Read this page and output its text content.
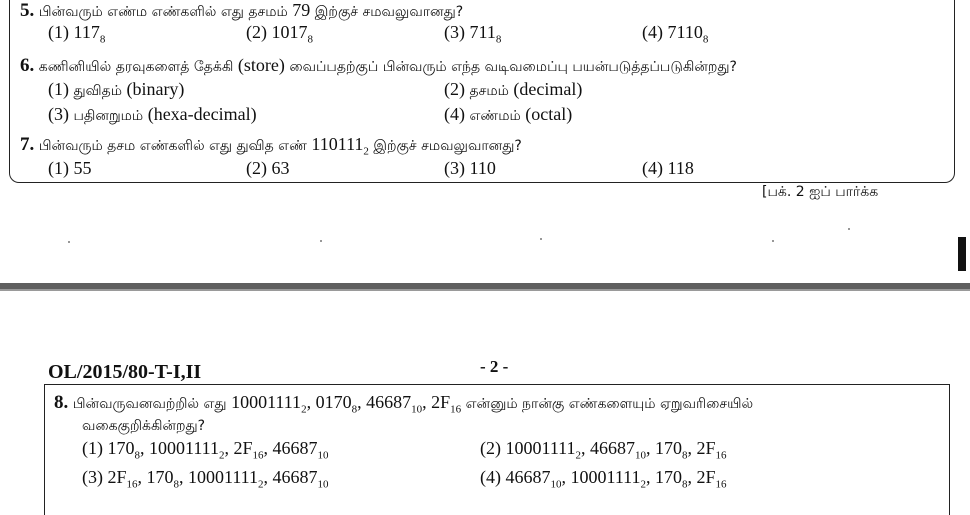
5. பின்வரும் எண்ம எண்களில் எது தசமம் 79 இற்குச் சமவலுவானது?
(1) $117_8$	(2) $1017_8$	(3) $711_8$	(4) $7110_8$
6. கணினியில் தரவுகளைத் தேக்கி (store) வைப்பதற்குப் பின்வரும் எந்த வடிவமைப்பு பயன்படுத்தப்படுகின்றது?
(1) துவிதம் (binary)	(2) தசமம் (decimal)
(3) பதினறுமம் (hexa-decimal)	(4) எண்மம் (octal)
7. பின்வரும் தசம எண்களில் எது துவித எண் $110111_2$ இற்குச் சமவலுவானது?
(1) 55	(2) 63	(3) 110	(4) 118
[பக். 2 ஐப் பார்க்க
OL/2015/80-T-I,II	- 2 -
8. பின்வருவனவற்றில் எது $10001111_2$, $0170_8$, $46687_{10}$, $2F_{16}$ என்னும் நான்கு எண்களையும் ஏறுவரிசையில்
வகைகுறிக்கின்றது?
(1) $170_8$, $10001111_2$, $2F_{16}$, $46687_{10}$	(2) $10001111_2$, $46687_{10}$, $170_8$, $2F_{16}$
(3) $2F_{16}$, $170_8$, $10001111_2$, $46687_{10}$	(4) $46687_{10}$, $10001111_2$, $170_8$, $2F_{16}$
